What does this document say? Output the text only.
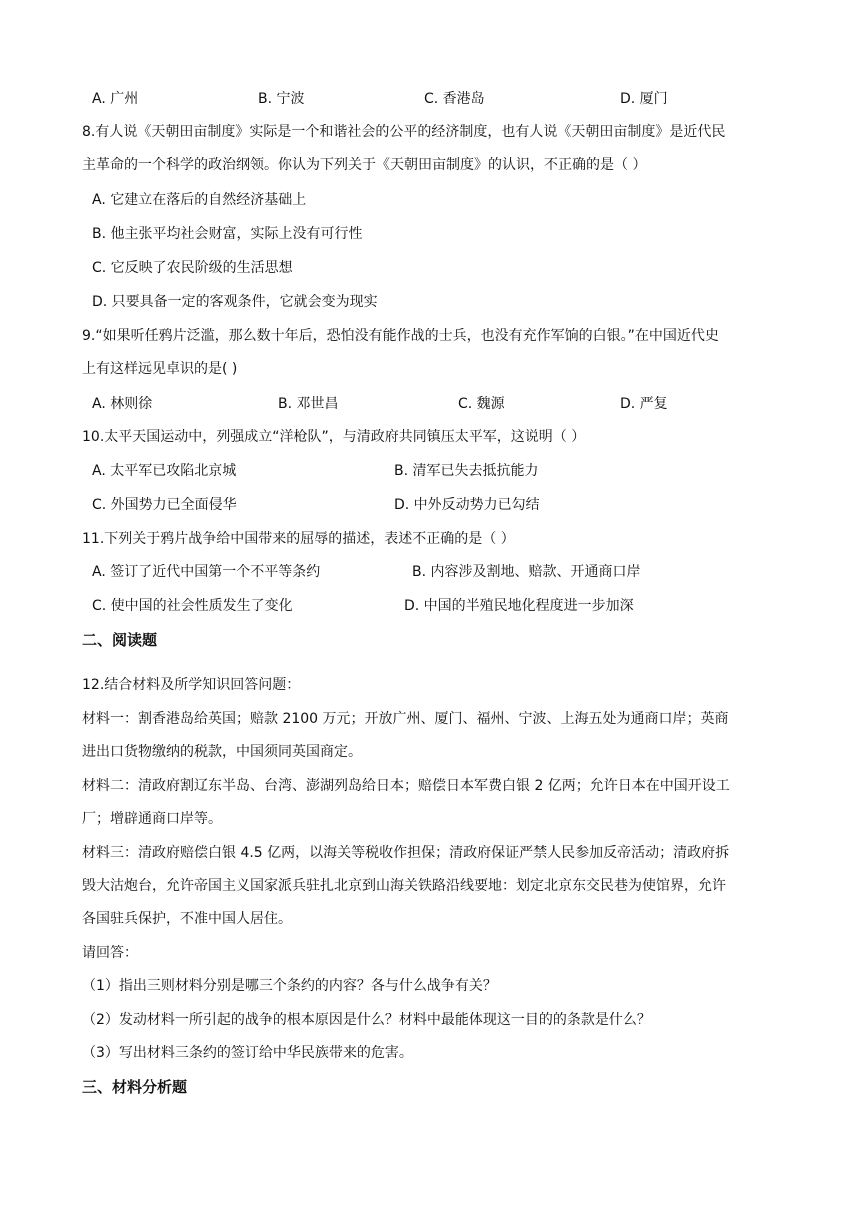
A. 广州	B. 宁波	C. 香港岛	D. 厦门
8.有人说《天朝田亩制度》实际是一个和谐社会的公平的经济制度，也有人说《天朝田亩制度》是近代民
主革命的一个科学的政治纲领。你认为下列关于《天朝田亩制度》的认识，不正确的是（ ）
A. 它建立在落后的自然经济基础上
B. 他主张平均社会财富，实际上没有可行性
C. 它反映了农民阶级的生活思想
D. 只要具备一定的客观条件，它就会变为现实
9.“如果听任鸦片泛滥，那么数十年后，恐怕没有能作战的士兵，也没有充作军饷的白银。”在中国近代史
上有这样远见卓识的是( )
A. 林则徐	B. 邓世昌	C. 魏源	D. 严复
10.太平天国运动中，列强成立“洋枪队”，与清政府共同镇压太平军，这说明（ ）
A. 太平军已攻陷北京城	B. 清军已失去抵抗能力
C. 外国势力已全面侵华	D. 中外反动势力已勾结
11.下列关于鸦片战争给中国带来的屈辱的描述，表述不正确的是（ ）
A. 签订了近代中国第一个不平等条约	B. 内容涉及割地、赔款、开通商口岸
C. 使中国的社会性质发生了变化	D. 中国的半殖民地化程度进一步加深
二、阅读题
12.结合材料及所学知识回答问题：
材料一：割香港岛给英国；赔款 2100 万元；开放广州、厦门、福州、宁波、上海五处为通商口岸；英商
进出口货物缴纳的税款，中国须同英国商定。
材料二：清政府割辽东半岛、台湾、澎湖列岛给日本；赔偿日本军费白银 2 亿两；允许日本在中国开设工
厂；增辟通商口岸等。
材料三：清政府赔偿白银 4.5 亿两，以海关等税收作担保；清政府保证严禁人民参加反帝活动；清政府拆
毁大沽炮台，允许帝国主义国家派兵驻扎北京到山海关铁路沿线要地：划定北京东交民巷为使馆界，允许
各国驻兵保护，不准中国人居住。
请回答：
（1）指出三则材料分别是哪三个条约的内容？各与什么战争有关？
（2）发动材料一所引起的战争的根本原因是什么？材料中最能体现这一目的的条款是什么？
（3）写出材料三条约的签订给中华民族带来的危害。
三、材料分析题
